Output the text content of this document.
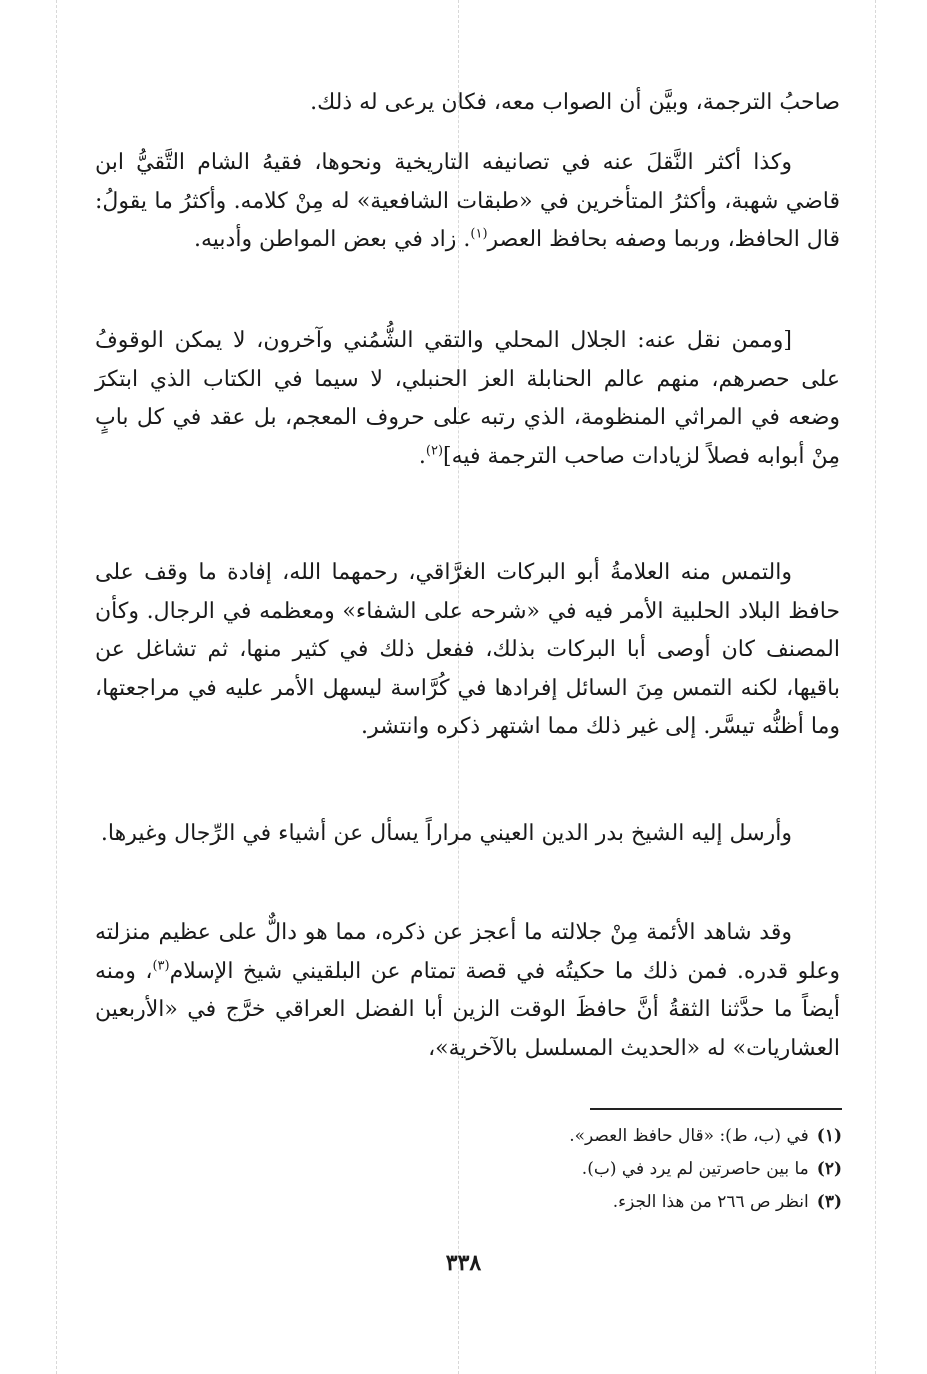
صاحبُ الترجمة، وبيَّن أن الصواب معه، فكان يرعى له ذلك.

وكذا أكثر النَّقلَ عنه في تصانيفه التاريخية ونحوها، فقيهُ الشام التَّقيُّ ابن قاضي شهبة، وأكثرُ المتأخرين في «طبقات الشافعية» له مِنْ كلامه. وأكثرُ ما يقولُ: قال الحافظ، وربما وصفه بحافظ العصر$^{(١)}$. زاد في بعض المواطن وأدبيه.

[وممن نقل عنه: الجلال المحلي والتقي الشُّمُني وآخرون، لا يمكن الوقوفُ على حصرهم، منهم عالم الحنابلة العز الحنبلي، لا سيما في الكتاب الذي ابتكرَ وضعه في المراثي المنظومة، الذي رتبه على حروف المعجم، بل عقد في كل بابٍ مِنْ أبوابه فصلاً لزيادات صاحب الترجمة فيه]$^{(٢)}$.

والتمس منه العلامةُ أبو البركات الغرَّاقي، رحمهما الله، إفادة ما وقف على حافظ البلاد الحلبية الأمر فيه في «شرحه على الشفاء» ومعظمه في الرجال. وكأن المصنف كان أوصى أبا البركات بذلك، ففعل ذلك في كثير منها، ثم تشاغل عن باقيها، لكنه التمس مِنَ السائل إفرادها في كُرَّاسة ليسهل الأمر عليه في مراجعتها، وما أظنُّه تيسَّر. إلى غير ذلك مما اشتهر ذكره وانتشر.

وأرسل إليه الشيخ بدر الدين العيني مراراً يسأل عن أشياء في الرِّجال وغيرها.

وقد شاهد الأئمة مِنْ جلالته ما أعجز عن ذكره، مما هو دالٌّ على عظيم منزلته وعلو قدره. فمن ذلك ما حكيتُه في قصة تمتام عن البلقيني شيخ الإسلام$^{(٣)}$، ومنه أيضاً ما حدَّثنا الثقةُ أنَّ حافظَ الوقت الزين أبا الفضل العراقي خرَّج في «الأربعين العشاريات» له «الحديث المسلسل بالآخرية»،

(١)في (ب، ط): «قال حافظ العصر».
(٢)ما بين حاصرتين لم يرد في (ب).
(٣)انظر ص ٢٦٦ من هذا الجزء.
٣٣٨
